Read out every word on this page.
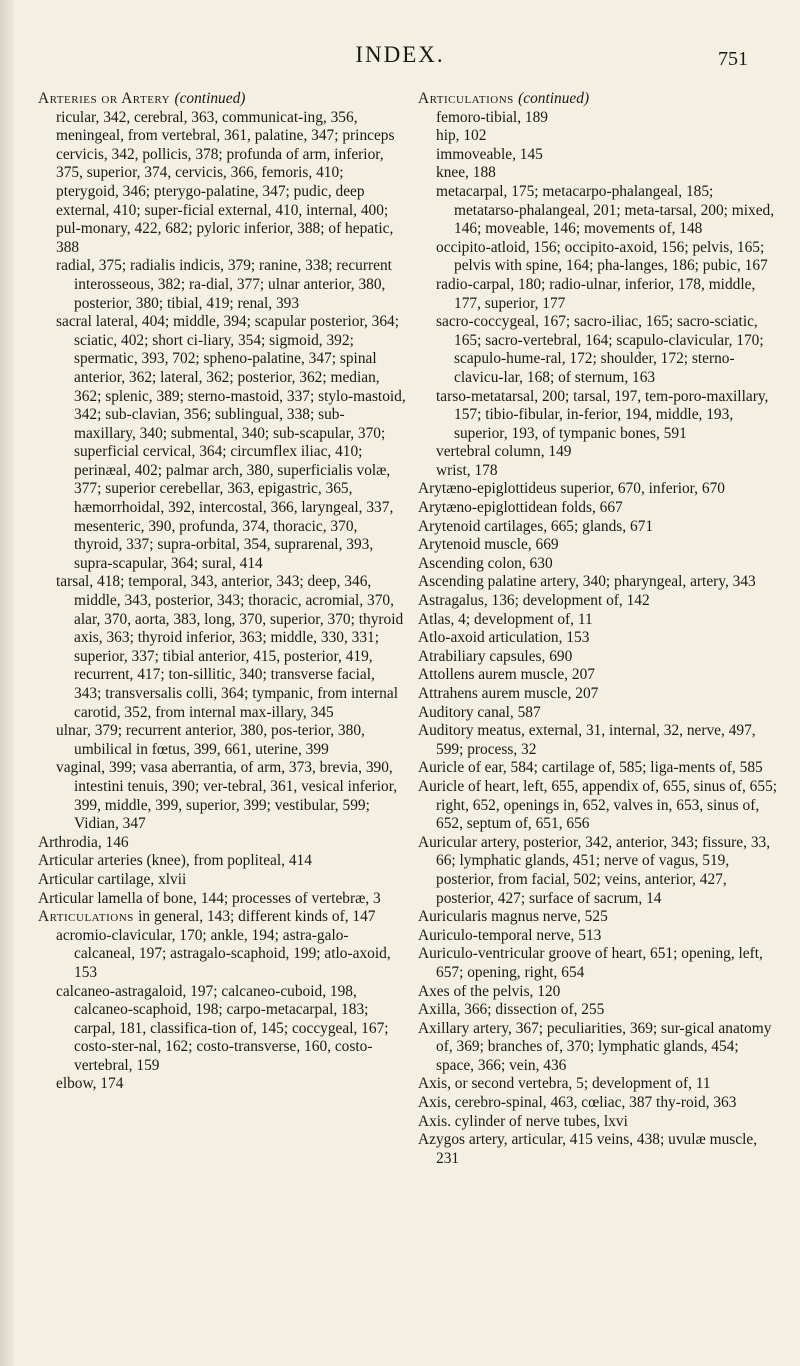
INDEX.	751

Arteries or Artery (continued)

ricular, 342, cerebral, 363, communicat-ing, 356, meningeal, from vertebral, 361, palatine, 347; princeps cervicis, 342, pollicis, 378; profunda of arm, inferior, 375, superior, 374, cervicis, 366, femoris, 410; pterygoid, 346; pterygo-palatine, 347; pudic, deep external, 410; super-ficial external, 410, internal, 400; pul-monary, 422, 682; pyloric inferior, 388; of hepatic, 388

radial, 375; radialis indicis, 379; ranine, 338; recurrent interosseous, 382; ra-dial, 377; ulnar anterior, 380, posterior, 380; tibial, 419; renal, 393

sacral lateral, 404; middle, 394; scapular posterior, 364; sciatic, 402; short ci-liary, 354; sigmoid, 392; spermatic, 393, 702; spheno-palatine, 347; spinal anterior, 362; lateral, 362; posterior, 362; median, 362; splenic, 389; sterno-mastoid, 337; stylo-mastoid, 342; sub-clavian, 356; sublingual, 338; sub-maxillary, 340; submental, 340; sub-scapular, 370; superficial cervical, 364; circumflex iliac, 410; perinæal, 402; palmar arch, 380, superficialis volæ, 377; superior cerebellar, 363, epigastric, 365, hæmorrhoidal, 392, intercostal, 366, laryngeal, 337, mesenteric, 390, profunda, 374, thoracic, 370, thyroid, 337; supra-orbital, 354, suprarenal, 393, supra-scapular, 364; sural, 414

tarsal, 418; temporal, 343, anterior, 343; deep, 346, middle, 343, posterior, 343; thoracic, acromial, 370, alar, 370, aorta, 383, long, 370, superior, 370; thyroid axis, 363; thyroid inferior, 363; middle, 330, 331; superior, 337; tibial anterior, 415, posterior, 419, recurrent, 417; ton-sillitic, 340; transverse facial, 343; transversalis colli, 364; tympanic, from internal carotid, 352, from internal max-illary, 345

ulnar, 379; recurrent anterior, 380, pos-terior, 380, umbilical in fœtus, 399, 661, uterine, 399

vaginal, 399; vasa aberrantia, of arm, 373, brevia, 390, intestini tenuis, 390; ver-tebral, 361, vesical inferior, 399, middle, 399, superior, 399; vestibular, 599; Vidian, 347

Arthrodia, 146

Articular arteries (knee), from popliteal, 414

Articular cartilage, xlvii

Articular lamella of bone, 144; processes of vertebræ, 3

Articulations in general, 143; different kinds of, 147

acromio-clavicular, 170; ankle, 194; astra-galo-calcaneal, 197; astragalo-scaphoid, 199; atlo-axoid, 153

calcaneo-astragaloid, 197; calcaneo-cuboid, 198, calcaneo-scaphoid, 198; carpo-metacarpal, 183; carpal, 181, classifica-tion of, 145; coccygeal, 167; costo-ster-nal, 162; costo-transverse, 160, costo-vertebral, 159

elbow, 174

Articulations (continued)

femoro-tibial, 189

hip, 102

immoveable, 145

knee, 188

metacarpal, 175; metacarpo-phalangeal, 185; metatarso-phalangeal, 201; meta-tarsal, 200; mixed, 146; moveable, 146; movements of, 148

occipito-atloid, 156; occipito-axoid, 156; pelvis, 165; pelvis with spine, 164; pha-langes, 186; pubic, 167

radio-carpal, 180; radio-ulnar, inferior, 178, middle, 177, superior, 177

sacro-coccygeal, 167; sacro-iliac, 165; sacro-sciatic, 165; sacro-vertebral, 164; scapulo-clavicular, 170; scapulo-hume-ral, 172; shoulder, 172; sterno-clavicu-lar, 168; of sternum, 163

tarso-metatarsal, 200; tarsal, 197, tem-poro-maxillary, 157; tibio-fibular, in-ferior, 194, middle, 193, superior, 193, of tympanic bones, 591

vertebral column, 149

wrist, 178

Arytæno-epiglottideus superior, 670, inferior, 670

Arytæno-epiglottidean folds, 667

Arytenoid cartilages, 665; glands, 671

Arytenoid muscle, 669

Ascending colon, 630

Ascending palatine artery, 340; pharyngeal, artery, 343

Astragalus, 136; development of, 142

Atlas, 4; development of, 11

Atlo-axoid articulation, 153

Atrabiliary capsules, 690

Attollens aurem muscle, 207

Attrahens aurem muscle, 207

Auditory canal, 587

Auditory meatus, external, 31, internal, 32, nerve, 497, 599; process, 32

Auricle of ear, 584; cartilage of, 585; liga-ments of, 585

Auricle of heart, left, 655, appendix of, 655, sinus of, 655; right, 652, openings in, 652, valves in, 653, sinus of, 652, septum of, 651, 656

Auricular artery, posterior, 342, anterior, 343; fissure, 33, 66; lymphatic glands, 451; nerve of vagus, 519, posterior, from facial, 502; veins, anterior, 427, posterior, 427; surface of sacrum, 14

Auricularis magnus nerve, 525

Auriculo-temporal nerve, 513

Auriculo-ventricular groove of heart, 651; opening, left, 657; opening, right, 654

Axes of the pelvis, 120

Axilla, 366; dissection of, 255

Axillary artery, 367; peculiarities, 369; sur-gical anatomy of, 369; branches of, 370; lymphatic glands, 454; space, 366; vein, 436

Axis, or second vertebra, 5; development of, 11

Axis, cerebro-spinal, 463, cœliac, 387 thy-roid, 363

Axis. cylinder of nerve tubes, lxvi

Azygos artery, articular, 415 veins, 438; uvulæ muscle, 231
